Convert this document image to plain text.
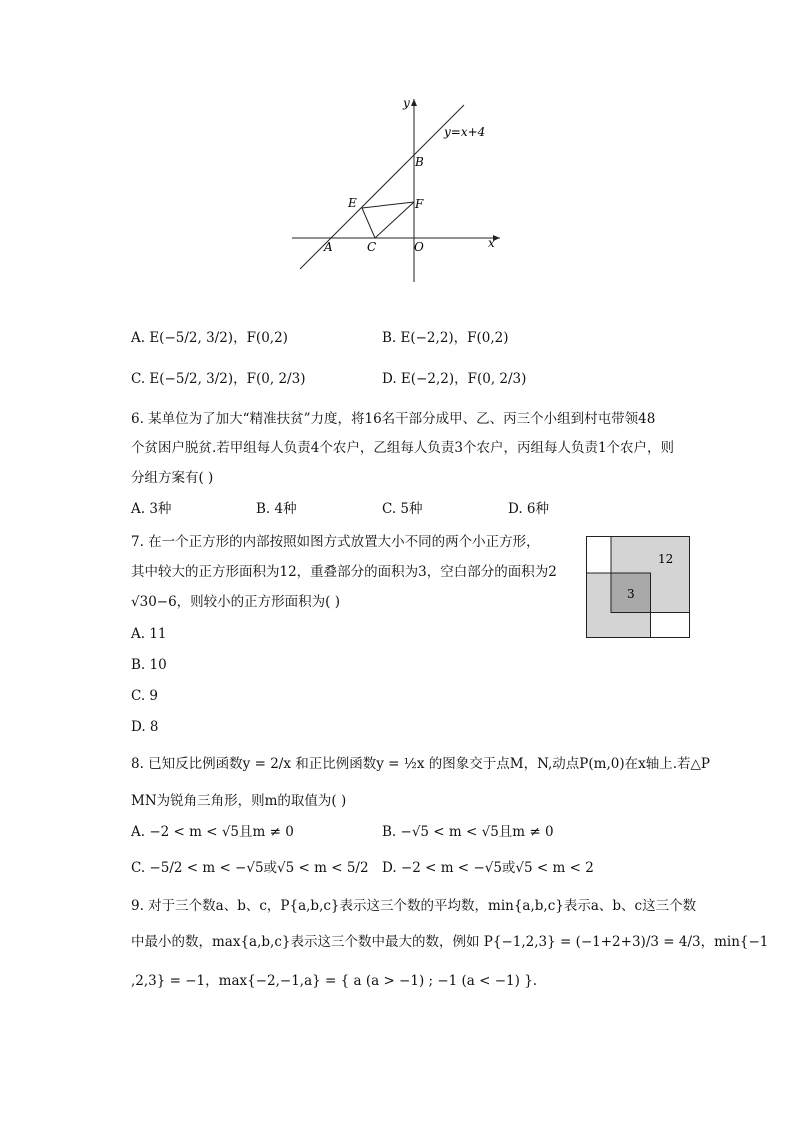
y=x+4
y
x
B
E	F
A	C	O
A. E(−5/2, 3/2)，F(0,2)	B. E(−2,2)，F(0,2)
C. E(−5/2, 3/2)，F(0, 2/3)	D. E(−2,2)，F(0, 2/3)
6. 某单位为了加大“精准扶贫”力度，将16名干部分成甲、乙、丙三个小组到村屯带领48
个贫困户脱贫.若甲组每人负责4个农户，乙组每人负责3个农户，丙组每人负责1个农户，则
分组方案有( )
A. 3种	B. 4种	C. 5种	D. 6种
7. 在一个正方形的内部按照如图方式放置大小不同的两个小正方形，
其中较大的正方形面积为12，重叠部分的面积为3，空白部分的面积为2
√30−6，则较小的正方形面积为( )
A. 11
B. 10
C. 9
D. 8
12
3
8. 已知反比例函数y = 2/x 和正比例函数y = ½x 的图象交于点M，N,动点P(m,0)在x轴上.若△P
MN为锐角三角形，则m的取值为( )
A. −2 < m < √5且m ≠ 0	B. −√5 < m < √5且m ≠ 0
C. −5/2 < m < −√5或√5 < m < 5/2 D. −2 < m < −√5或√5 < m < 2
9. 对于三个数a、b、c，P{a,b,c}表示这三个数的平均数，min{a,b,c}表示a、b、c这三个数
中最小的数，max{a,b,c}表示这三个数中最大的数，例如 P{−1,2,3} = (−1+2+3)/3 = 4/3，min{−1
,2,3} = −1，max{−2,−1,a} = { a (a > −1) ; −1 (a < −1) }.
